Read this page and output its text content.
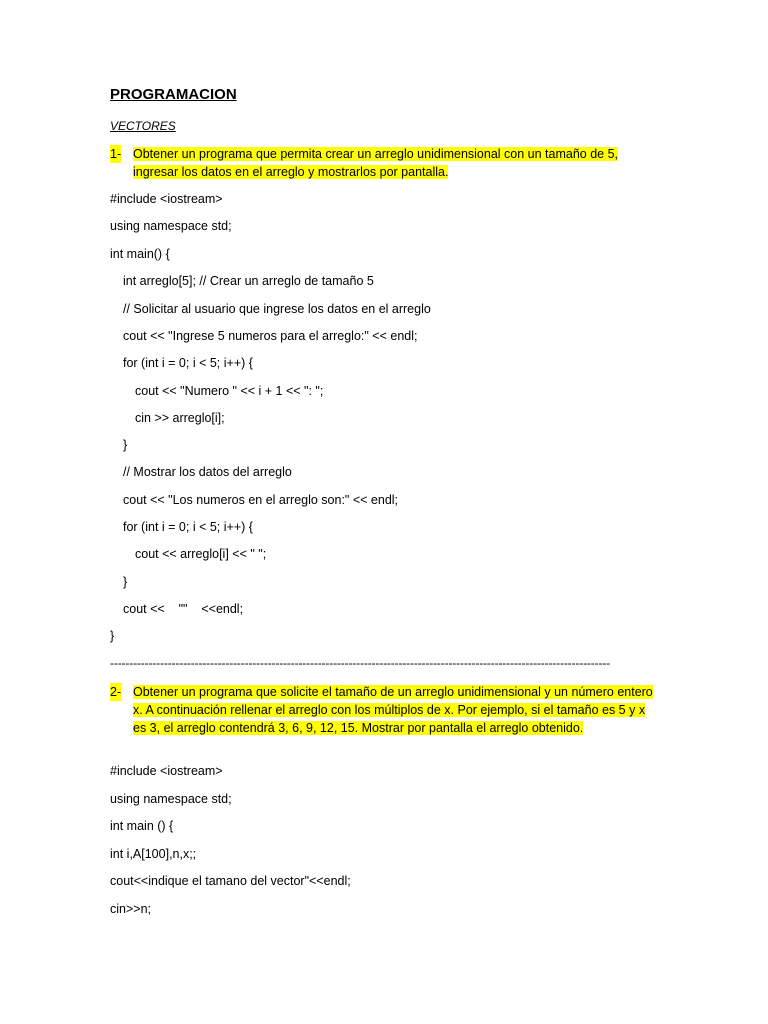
PROGRAMACION
VECTORES
1- Obtener un programa que permita crear un arreglo unidimensional con un tamaño de 5, ingresar los datos en el arreglo y mostrarlos por pantalla.
#include <iostream>
using namespace std;
int main() {
int arreglo[5]; // Crear un arreglo de tamaño 5
// Solicitar al usuario que ingrese los datos en el arreglo
cout << "Ingrese 5 numeros para el arreglo:" << endl;
for (int i = 0; i < 5; i++) {
cout << "Numero " << i + 1 << ": ";
cin >> arreglo[i];
}
// Mostrar los datos del arreglo
cout << "Los numeros en el arreglo son:" << endl;
for (int i = 0; i < 5; i++) {
cout << arreglo[i] << " ";
}
cout <<    ""    <<endl;
}
----------------------------------------------------------------------------------------------------------------------------------
2- Obtener un programa que solicite el tamaño de un arreglo unidimensional y un número entero x. A continuación rellenar el arreglo con los múltiplos de x. Por ejemplo, si el tamaño es 5 y x es 3, el arreglo contendrá 3, 6, 9, 12, 15. Mostrar por pantalla el arreglo obtenido.
#include <iostream>
using namespace std;
int main () {
int i,A[100],n,x;;
cout<<indique el tamano del vector"<<endl;
cin>>n;
